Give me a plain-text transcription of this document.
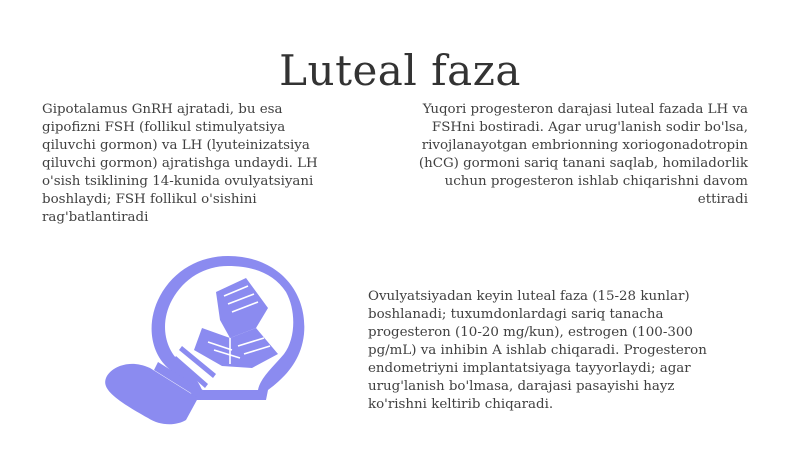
Luteal faza

Gipotalamus GnRH ajratadi, bu esa gipofizni FSH (follikul stimulyatsiya qiluvchi gormon) va LH (lyuteinizatsiya qiluvchi gormon) ajratishga undaydi. LH o'sish tsiklining 14-kunida ovulyatsiyani boshlaydi; FSH follikul o'sishini rag'batlantiradi

Yuqori progesteron darajasi luteal fazada LH va FSHni bostiradi. Agar urug'lanish sodir bo'lsa, rivojlanayotgan embrionning xoriogonadotropin (hCG) gormoni sariq tanani saqlab, homiladorlik uchun progesteron ishlab chiqarishni davom ettiradi

Ovulyatsiyadan keyin luteal faza (15-28 kunlar) boshlanadi; tuxumdonlardagi sariq tanacha progesteron (10-20 mg/kun), estrogen (100-300 pg/mL) va inhibin A ishlab chiqaradi. Progesteron endometriyni implantatsiyaga tayyorlaydi; agar urug'lanish bo'lmasa, darajasi pasayishi hayz ko'rishni keltirib chiqaradi.
